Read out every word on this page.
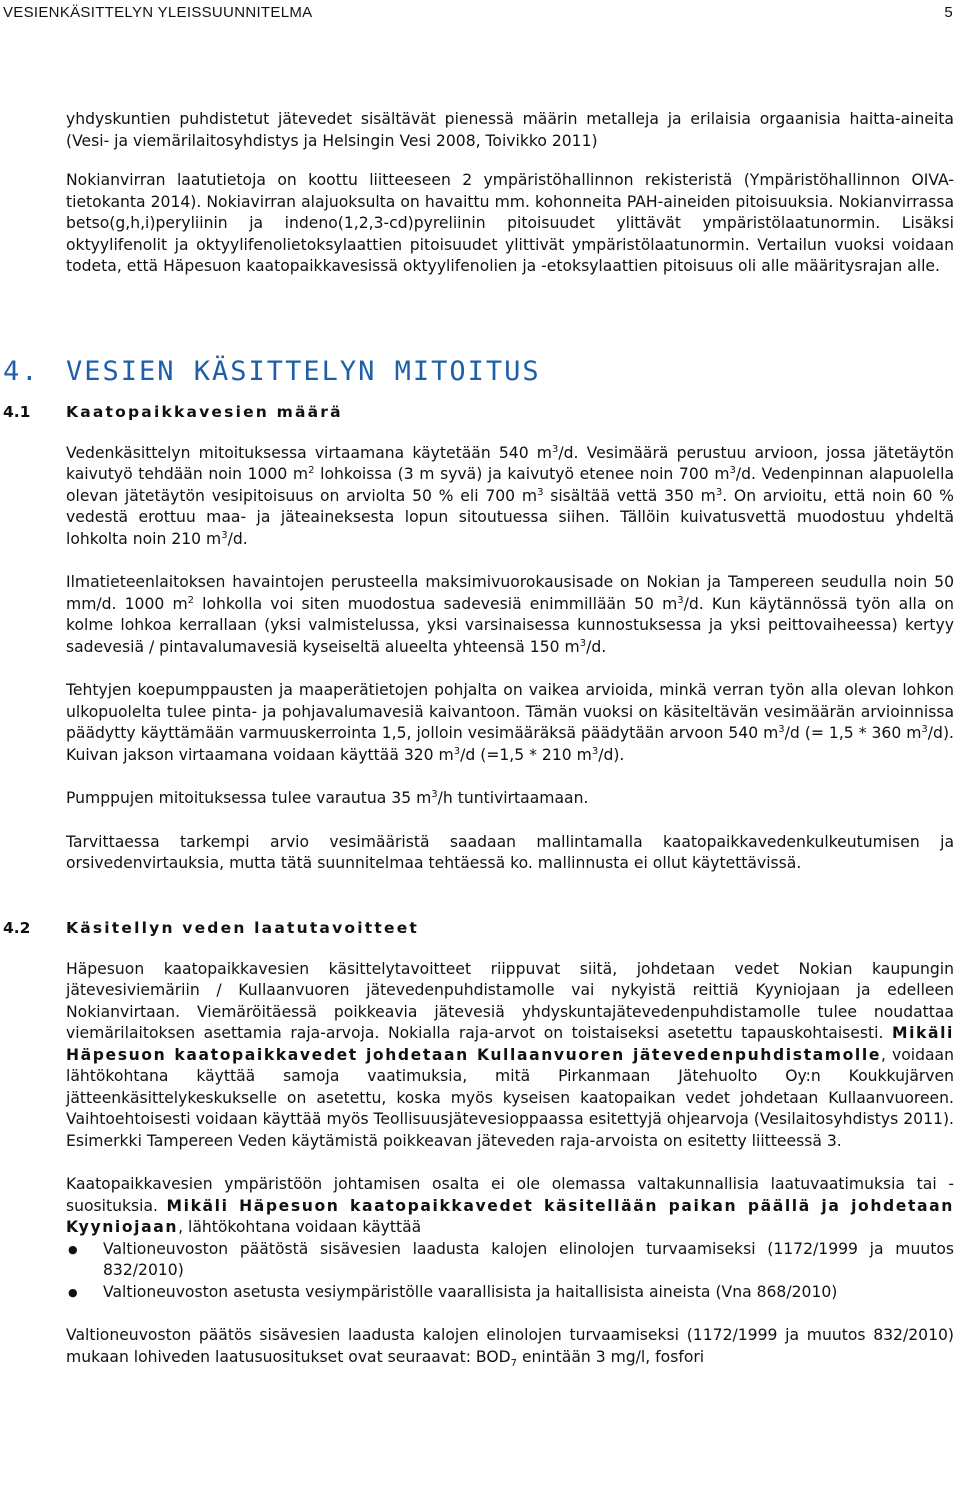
VESIENKÄSITTELYN YLEISSUUNNITELMA	5

yhdyskuntien puhdistetut jätevedet sisältävät pienessä määrin metalleja ja erilaisia orgaanisia haitta-aineita (Vesi- ja viemärilaitosyhdistys ja Helsingin Vesi 2008, Toivikko 2011)

Nokianvirran laatutietoja on koottu liitteeseen 2 ympäristöhallinnon rekisteristä (Ympäristöhallinnon OIVA-tietokanta 2014). Nokiavirran alajuoksulta on havaittu mm. kohonneita PAH-aineiden pitoisuuksia. Nokianvirrassa betso(g,h,i)peryliinin ja indeno(1,2,3-cd)pyreliinin pitoisuudet ylittävät ympäristölaatunormin. Lisäksi oktyylifenolit ja oktyylifenolietoksylaattien pitoisuudet ylittivät ympäristölaatunormin. Vertailun vuoksi voidaan todeta, että Häpesuon kaatopaikkavesissä oktyylifenolien ja -etoksylaattien pitoisuus oli alle määritysrajan alle.

4. VESIEN KÄSITTELYN MITOITUS
4.1 Kaatopaikkavesien määrä

Vedenkäsittelyn mitoituksessa virtaamana käytetään 540 $m^3/d$. Vesimäärä perustuu arvioon, jossa jätetäytön kaivutyö tehdään noin 1000 $m^2$ lohkoissa (3 m syvä) ja kaivutyö etenee noin 700 $m^3/d$. Vedenpinnan alapuolella olevan jätetäytön vesipitoisuus on arviolta 50 % eli 700 $m^3$ sisältää vettä 350 $m^3$. On arvioitu, että noin 60 % vedestä erottuu maa- ja jäteaineksesta lopun sitoutuessa siihen. Tällöin kuivatusvettä muodostuu yhdeltä lohkolta noin 210 $m^3/d$.

Ilmatieteenlaitoksen havaintojen perusteella maksimivuorokausisade on Nokian ja Tampereen seudulla noin 50 mm/d. 1000 $m^2$ lohkolla voi siten muodostua sadevesiä enimmillään 50 $m^3/d$. Kun käytännössä työn alla on kolme lohkoa kerrallaan (yksi valmistelussa, yksi varsinaisessa kunnostuksessa ja yksi peittovaiheessa) kertyy sadevesiä / pintavalumavesiä kyseiseltä alueelta yhteensä 150 $m^3/d$.

Tehtyjen koepumppausten ja maaperätietojen pohjalta on vaikea arvioida, minkä verran työn alla olevan lohkon ulkopuolelta tulee pinta- ja pohjavalumavesiä kaivantoon. Tämän vuoksi on käsiteltävän vesimäärän arvioinnissa päädytty käyttämään varmuuskerrointa 1,5, jolloin vesimääräksä päädytään arvoon 540 $m^3/d$ (= 1,5 * 360 $m^3/d$). Kuivan jakson virtaamana voidaan käyttää 320 $m^3/d$ (=1,5 * 210 $m^3/d$).

Pumppujen mitoituksessa tulee varautua 35 $m^3/h$ tuntivirtaamaan.

Tarvittaessa tarkempi arvio vesimääristä saadaan mallintamalla kaatopaikkavedenkulkeutumisen ja orsivedenvirtauksia, mutta tätä suunnitelmaa tehtäessä ko. mallinnusta ei ollut käytettävissä.

4.2 Käsitellyn veden laatutavoitteet

Häpesuon kaatopaikkavesien käsittelytavoitteet riippuvat siitä, johdetaan vedet Nokian kaupungin jätevesiviemäriin / Kullaanvuoren jätevedenpuhdistamolle vai nykyistä reittiä Kyyniojaan ja edelleen Nokianvirtaan. Viemäröitäessä poikkeavia jätevesiä yhdyskuntajätevedenpuhdistamolle tulee noudattaa viemärilaitoksen asettamia raja-arvoja. Nokialla raja-arvot on toistaiseksi asetettu tapauskohtaisesti. Mikäli Häpesuon kaatopaikkavedet johdetaan Kullaanvuoren jätevedenpuhdistamolle, voidaan lähtökohtana käyttää samoja vaatimuksia, mitä Pirkanmaan Jätehuolto Oy:n Koukkujärven jätteenkäsittelykeskukselle on asetettu, koska myös kyseisen kaatopaikan vedet johdetaan Kullaanvuoreen. Vaihtoehtoisesti voidaan käyttää myös Teollisuusjätevesioppaassa esitettyjä ohjearvoja (Vesilaitosyhdistys 2011). Esimerkki Tampereen Veden käytämistä poikkeavan jäteveden raja-arvoista on esitetty liitteessä 3.

Kaatopaikkavesien ympäristöön johtamisen osalta ei ole olemassa valtakunnallisia laatuvaatimuksia tai -suosituksia. Mikäli Häpesuon kaatopaikkavedet käsitellään paikan päällä ja johdetaan Kyyniojaan, lähtökohtana voidaan käyttää

● Valtioneuvoston päätöstä sisävesien laadusta kalojen elinolojen turvaamiseksi (1172/1999 ja muutos 832/2010)
● Valtioneuvoston asetusta vesiympäristölle vaarallisista ja haitallisista aineista (Vna 868/2010)

Valtioneuvoston päätös sisävesien laadusta kalojen elinolojen turvaamiseksi (1172/1999 ja muutos 832/2010) mukaan lohiveden laatusuositukset ovat seuraavat: $BOD_7$ enintään 3 mg/l, fosfori
